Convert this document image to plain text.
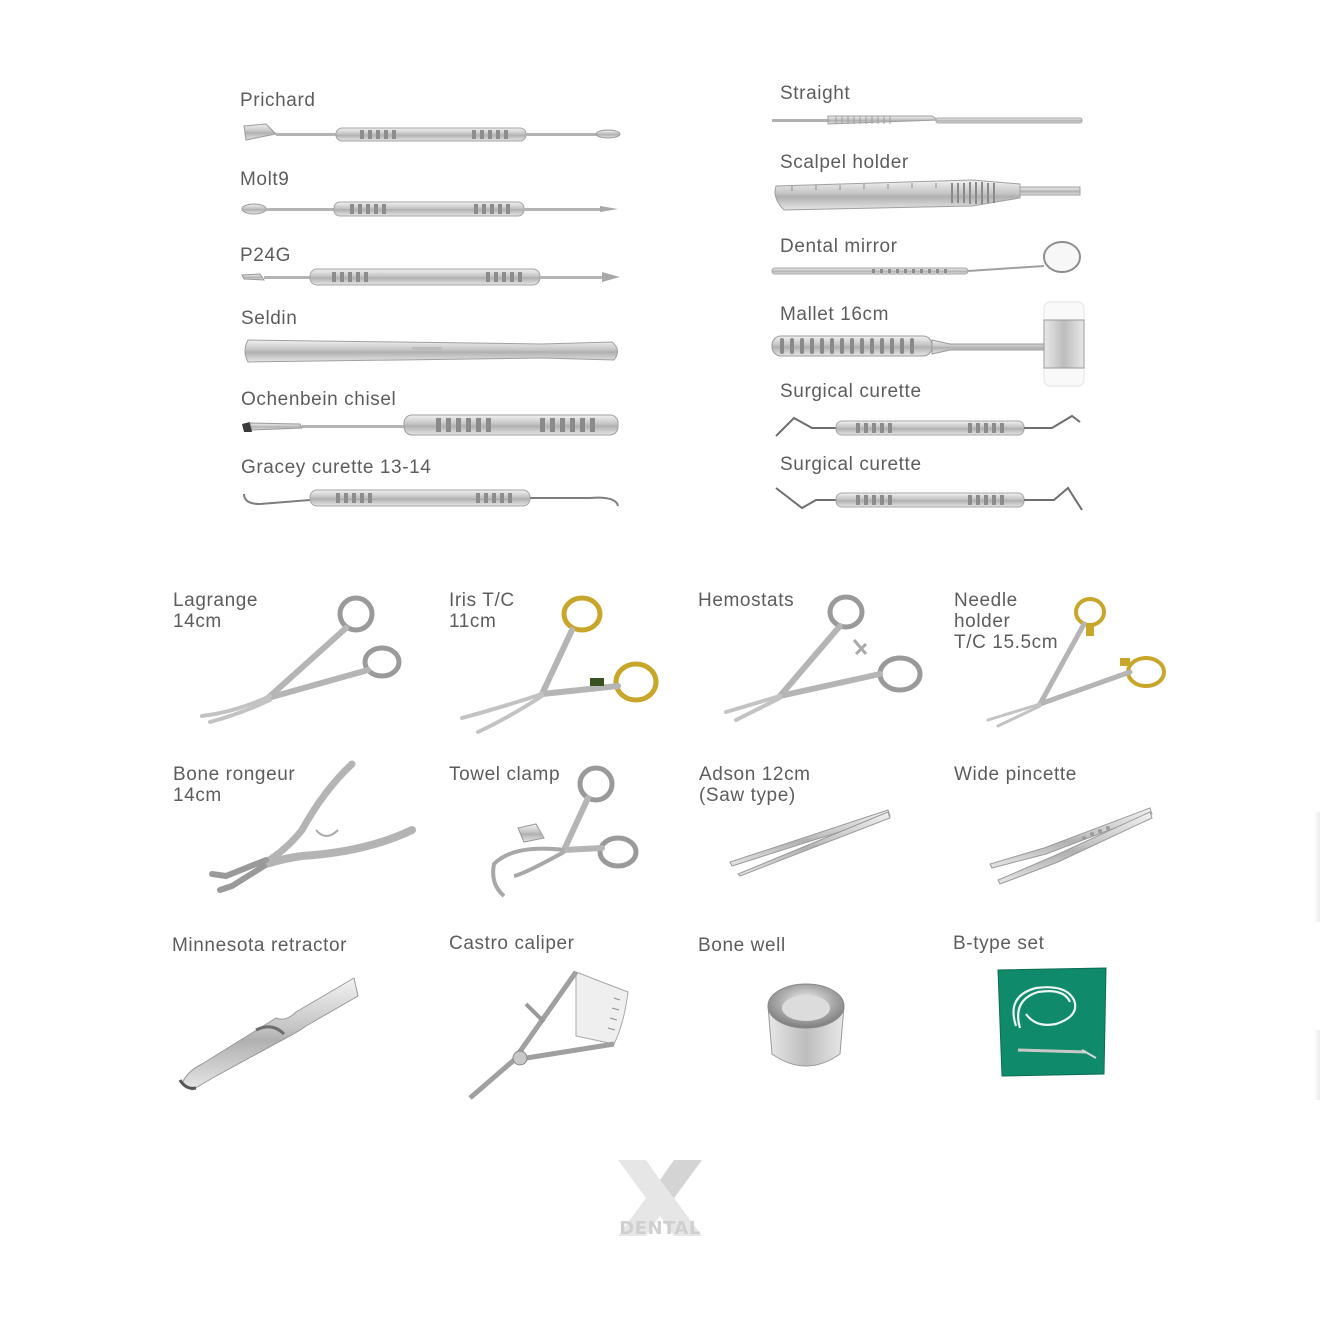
Prichard

Molt9

P24G

Seldin

Ochenbein chisel

Gracey curette 13-14

Straight

Scalpel holder

Dental mirror

Mallet 16cm

Surgical curette

Surgical curette

Lagrange
14cm

Iris T/C
11cm

Hemostats	Needle
holder
T/C 15.5cm

Bone rongeur
14cm

Towel clamp	Adson 12cm
(Saw type)

Wide pincette

Minnesota retractor	Castro caliper	Bone well	B-type set

DENTAL
